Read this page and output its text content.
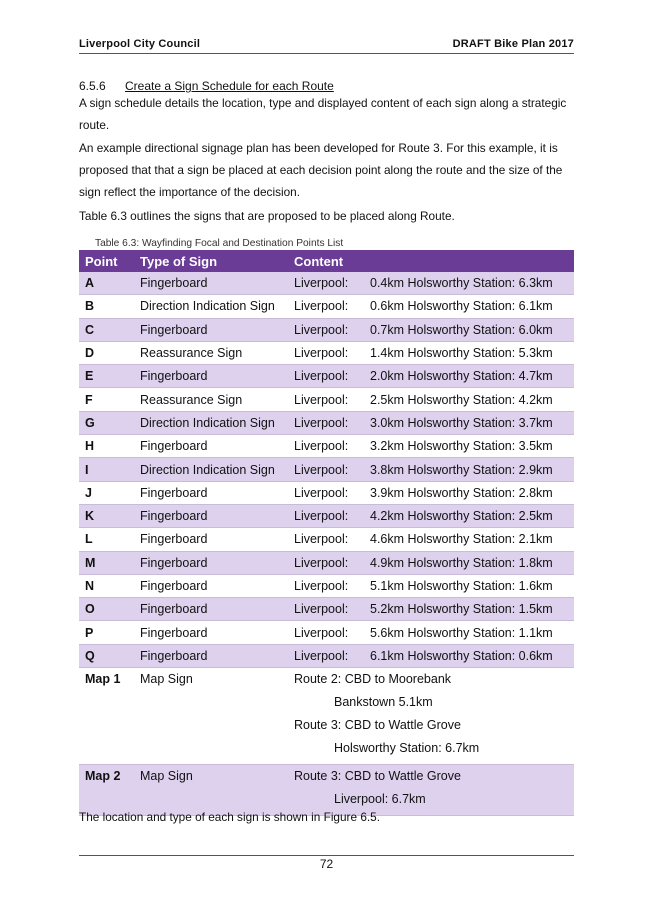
Liverpool City Council	DRAFT Bike Plan 2017
6.5.6 Create a Sign Schedule for each Route
A sign schedule details the location, type and displayed content of each sign along a strategic route.
An example directional signage plan has been developed for Route 3. For this example, it is proposed that that a sign be placed at each decision point along the route and the size of the sign reflect the importance of the decision.
Table 6.3 outlines the signs that are proposed to be placed along Route.
Table 6.3: Wayfinding Focal and Destination Points List
Point	Type of Sign	Content	
A	Fingerboard	Liverpool:	0.4km Holsworthy Station: 6.3km
B	Direction Indication Sign	Liverpool:	0.6km Holsworthy Station: 6.1km
C	Fingerboard	Liverpool:	0.7km Holsworthy Station: 6.0km
D	Reassurance Sign	Liverpool:	1.4km Holsworthy Station: 5.3km
E	Fingerboard	Liverpool:	2.0km Holsworthy Station: 4.7km
F	Reassurance Sign	Liverpool:	2.5km Holsworthy Station: 4.2km
G	Direction Indication Sign	Liverpool:	3.0km Holsworthy Station: 3.7km
H	Fingerboard	Liverpool:	3.2km Holsworthy Station: 3.5km
I	Direction Indication Sign	Liverpool:	3.8km Holsworthy Station: 2.9km
J	Fingerboard	Liverpool:	3.9km Holsworthy Station: 2.8km
K	Fingerboard	Liverpool:	4.2km Holsworthy Station: 2.5km
L	Fingerboard	Liverpool:	4.6km Holsworthy Station: 2.1km
M	Fingerboard	Liverpool:	4.9km Holsworthy Station: 1.8km
N	Fingerboard	Liverpool:	5.1km Holsworthy Station: 1.6km
O	Fingerboard	Liverpool:	5.2km Holsworthy Station: 1.5km
P	Fingerboard	Liverpool:	5.6km Holsworthy Station: 1.1km
Q	Fingerboard	Liverpool:	6.1km Holsworthy Station: 0.6km
Map 1	Map Sign	Route 2: CBD to Moorebank
Bankstown 5.1km
Route 3: CBD to Wattle Grove
Holsworthy Station: 6.7km	

Map 2	Map Sign	Route 3: CBD to Wattle Grove
Liverpool: 6.7km	
The location and type of each sign is shown in Figure 6.5.
72
